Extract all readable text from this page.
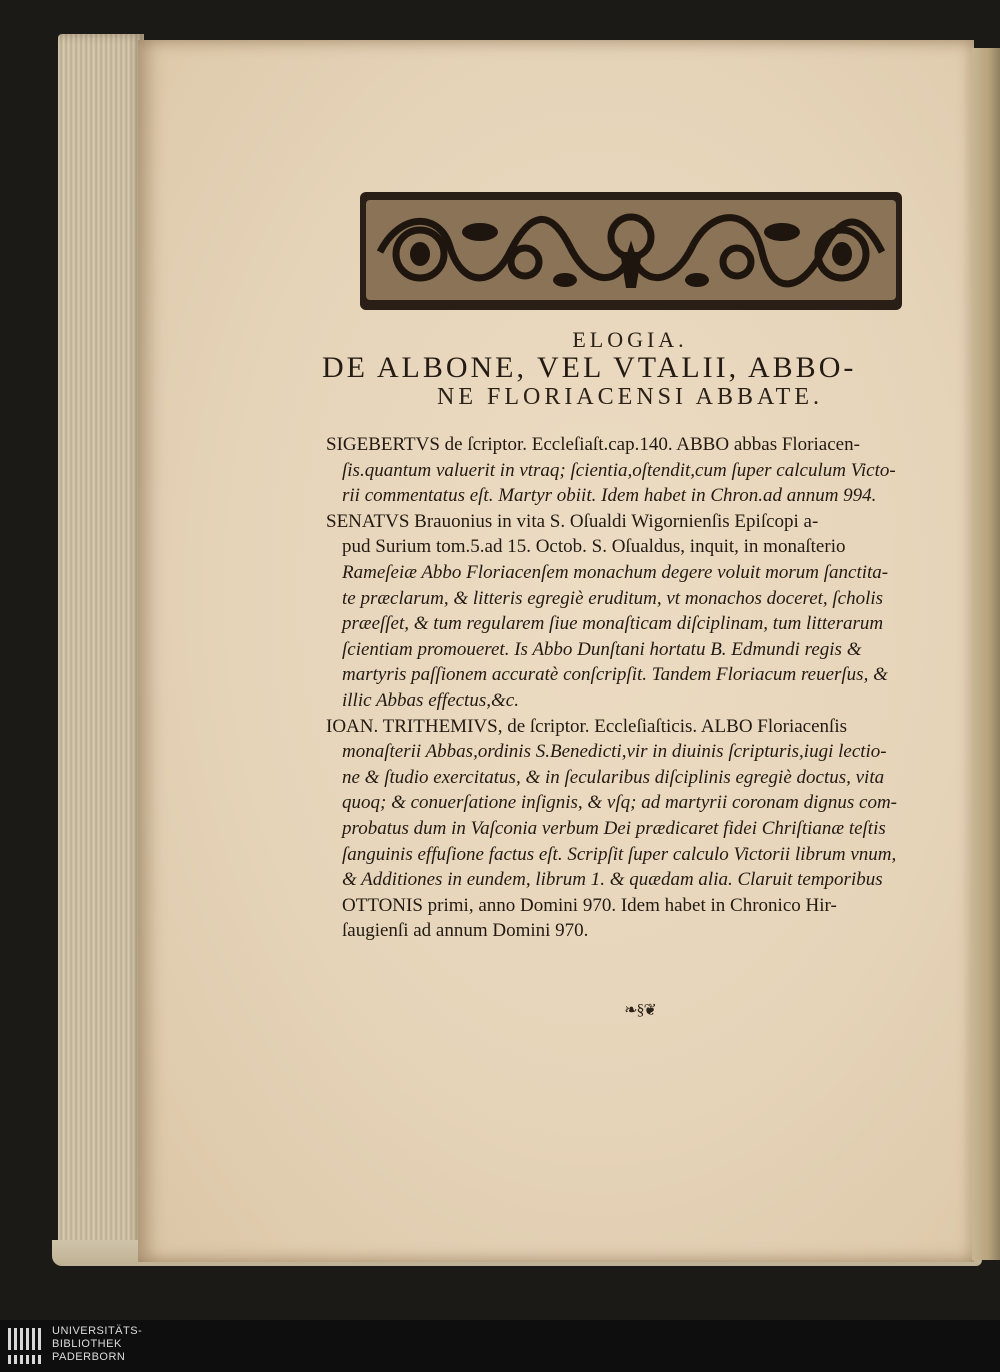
ELOGIA.
DE ALBONE, VEL VTALII, ABBO-
NE FLORIACENSI ABBATE.
SIGEBERTVS de ſcriptor. Eccleſiaſt.cap.140. ABBO abbas Floriacen-
ſis.quantum valuerit in vtraq; ſcientia,oſtendit,cum ſuper calculum Victo-
rii commentatus eſt. Martyr obiit. Idem habet in Chron.ad annum 994.
SENATVS Brauonius in vita S. Oſualdi Wigornienſis Epiſcopi a-
pud Surium tom.5.ad 15. Octob. S. Oſualdus, inquit, in monaſterio
Rameſeiæ Abbo Floriacenſem monachum degere voluit morum ſanctita-
te præclarum, & litteris egregiè eruditum, vt monachos doceret, ſcholis
præeſſet, & tum regularem ſiue monaſticam diſciplinam, tum litterarum
ſcientiam promoueret. Is Abbo Dunſtani hortatu B. Edmundi regis &
martyris paſſionem accuratè conſcripſit. Tandem Floriacum reuerſus, &
illic Abbas effectus,&c.
IOAN. TRITHEMIVS, de ſcriptor. Eccleſiaſticis. ALBO Floriacenſis
monaſterii Abbas,ordinis S.Benedicti,vir in diuinis ſcripturis,iugi lectio-
ne & ſtudio exercitatus, & in ſecularibus diſciplinis egregiè doctus, vita
quoq; & conuerſatione inſignis, & vſq; ad martyrii coronam dignus com-
probatus dum in Vaſconia verbum Dei prædicaret fidei Chriſtianæ teſtis
ſanguinis effuſione factus eſt. Scripſit ſuper calculo Victorii librum vnum,
& Additiones in eundem, librum 1. & quædam alia. Claruit temporibus
OTTONIS primi, anno Domini 970. Idem habet in Chronico Hir-
ſaugienſi ad annum Domini 970.
❧§❦
UNIVERSITÄTS-
BIBLIOTHEK
PADERBORN
